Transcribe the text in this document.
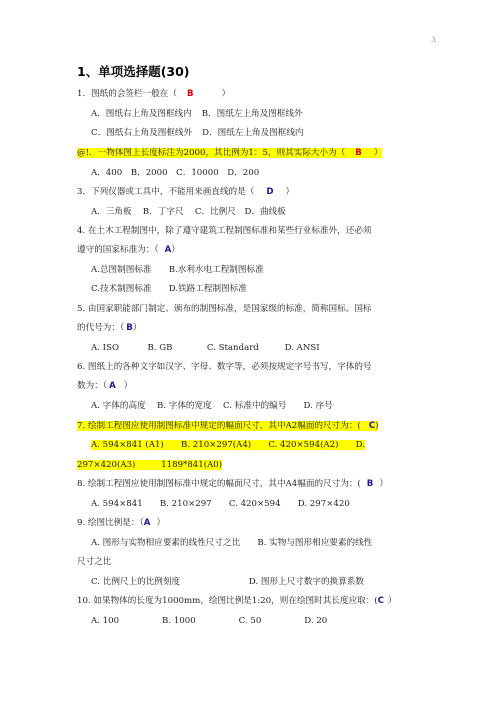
.\
1、单项选择题(30)
1．图纸的会签栏一般在（ B	）
A．图纸右上角及图框线内 B．图纸左上角及图框线外
C．图纸右上角及图框线外 D．图纸左上角及图框线内
@!．一物体图上长度标注为2000，其比例为1：5，则其实际大小为（ B ）
A．400　B．2000　C．10000　D．200
3．下列仪器或工具中，不能用来画直线的是（ D ）
A．三角板　 B．丁字尺　 C．比例尺　D．曲线板
4. 在土木工程制图中，除了遵守建筑工程制图标准和某些行业标准外，还必须
遵守的国家标准为：（ A）
A.总图制图标准　　B.水利水电工程制图标准
C.技术制图标准　　D.铁路工程制图标准
5. 由国家职能部门制定、颁布的制图标准，是国家级的标准，简称国标。国标
的代号为：（ B）
A. ISO　　　 B. GB　　　　C. Standard　　　D. ANSI
6. 图纸上的各种文字如汉字、字母、数字等，必须按规定字号书写，字体的号
数为：（ A ）
A. 字体的高度　 B. 字体的宽度　 C. 标准中的编号　　D. 序号
7. 绘制工程图应使用制图标准中规定的幅面尺寸，其中A2幅面的尺寸为：( C)
A. 594×841 (A1)　　B. 210×297(A4)　　C. 420×594(A2)　　D.
297×420(A3)　　　1189*841(A0)
8. 绘制工程图应使用制图标准中规定的幅面尺寸，其中A4幅面的尺寸为：( B ）
A. 594×841　　B. 210×297　　C. 420×594　　D. 297×420
9. 绘图比例是：（A ）
A. 图形与实物相应要素的线性尺寸之比　　B. 实物与图形相应要素的线性
尺寸之比
C. 比例尺上的比例刻度　　　　　　　　D. 图形上尺寸数字的换算系数
10. 如果物体的长度为1000mm，绘图比例是1:20，则在绘图时其长度应取：(C ）
A. 100　　　　　B. 1000　　　　　C. 50　　　　　D. 20
